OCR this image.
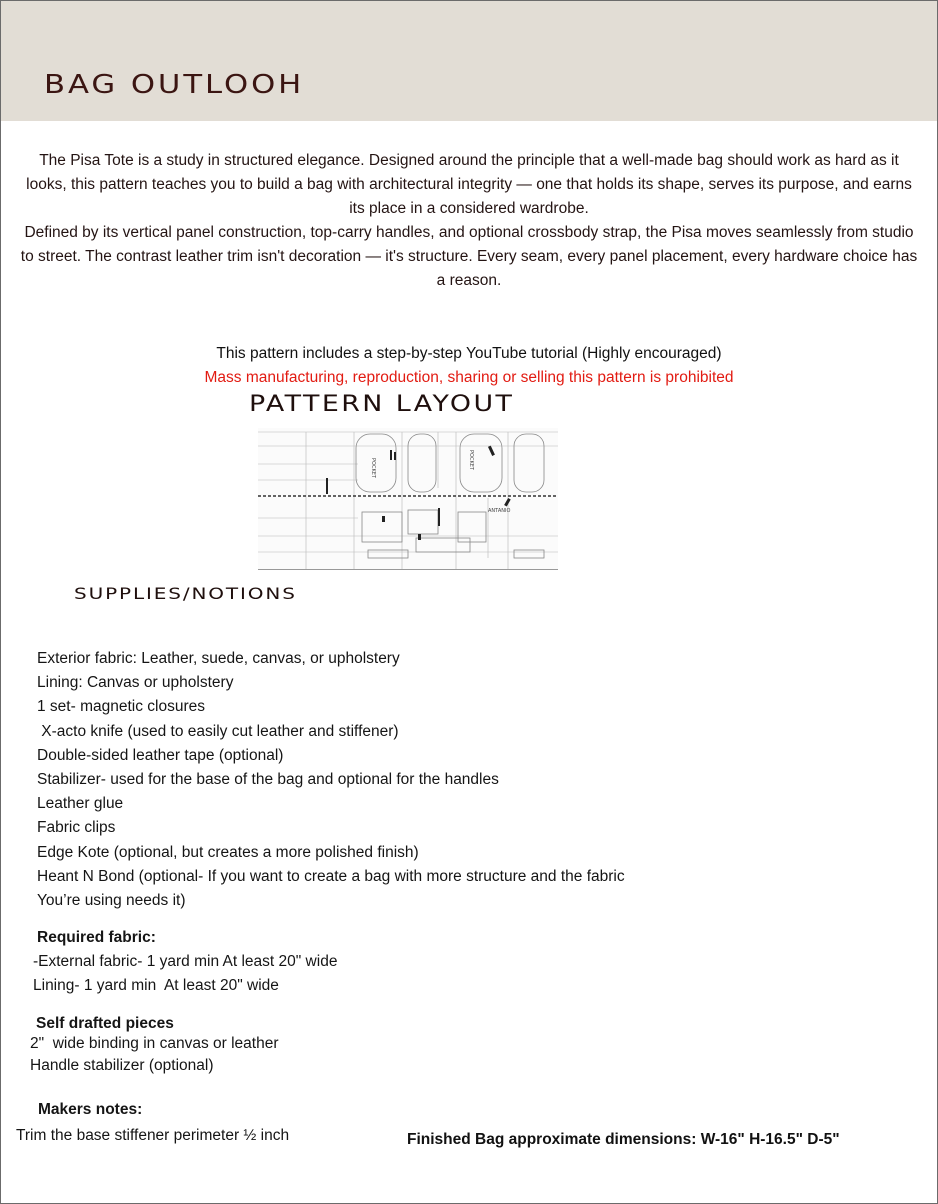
BAG OUTLOOH

The Pisa Tote is a study in structured elegance. Designed around the principle that a well-made bag should work as hard as it looks, this pattern teaches you to build a bag with architectural integrity — one that holds its shape, serves its purpose, and earns its place in a considered wardrobe.

Defined by its vertical panel construction, top-carry handles, and optional crossbody strap, the Pisa moves seamlessly from studio to street. The contrast leather trim isn't decoration — it's structure. Every seam, every panel placement, every hardware choice has a reason.

This pattern includes a step-by-step YouTube tutorial (Highly encouraged)

Mass manufacturing, reproduction, sharing or selling this pattern is prohibited

PATTERN LAYOUT
POCKET	POCKET
ANTANIO
SUPPLIES/NOTIONS
Exterior fabric: Leather, suede, canvas, or upholstery
Lining: Canvas or upholstery
1 set- magnetic closures
X-acto knife (used to easily cut leather and stiffener)
Double-sided leather tape (optional)
Stabilizer- used for the base of the bag and optional for the handles
Leather glue
Fabric clips
Edge Kote (optional, but creates a more polished finish)
Heant N Bond (optional- If you want to create a bag with more structure and the fabric
You’re using needs it)
Required fabric:
-External fabric- 1 yard min At least 20" wide
Lining- 1 yard min  At least 20" wide
Self drafted pieces
2"  wide binding in canvas or leather
Handle stabilizer (optional)
Makers notes:
Trim the base stiffener perimeter ½ inch	Finished Bag approximate dimensions: W-16" H-16.5" D-5"
